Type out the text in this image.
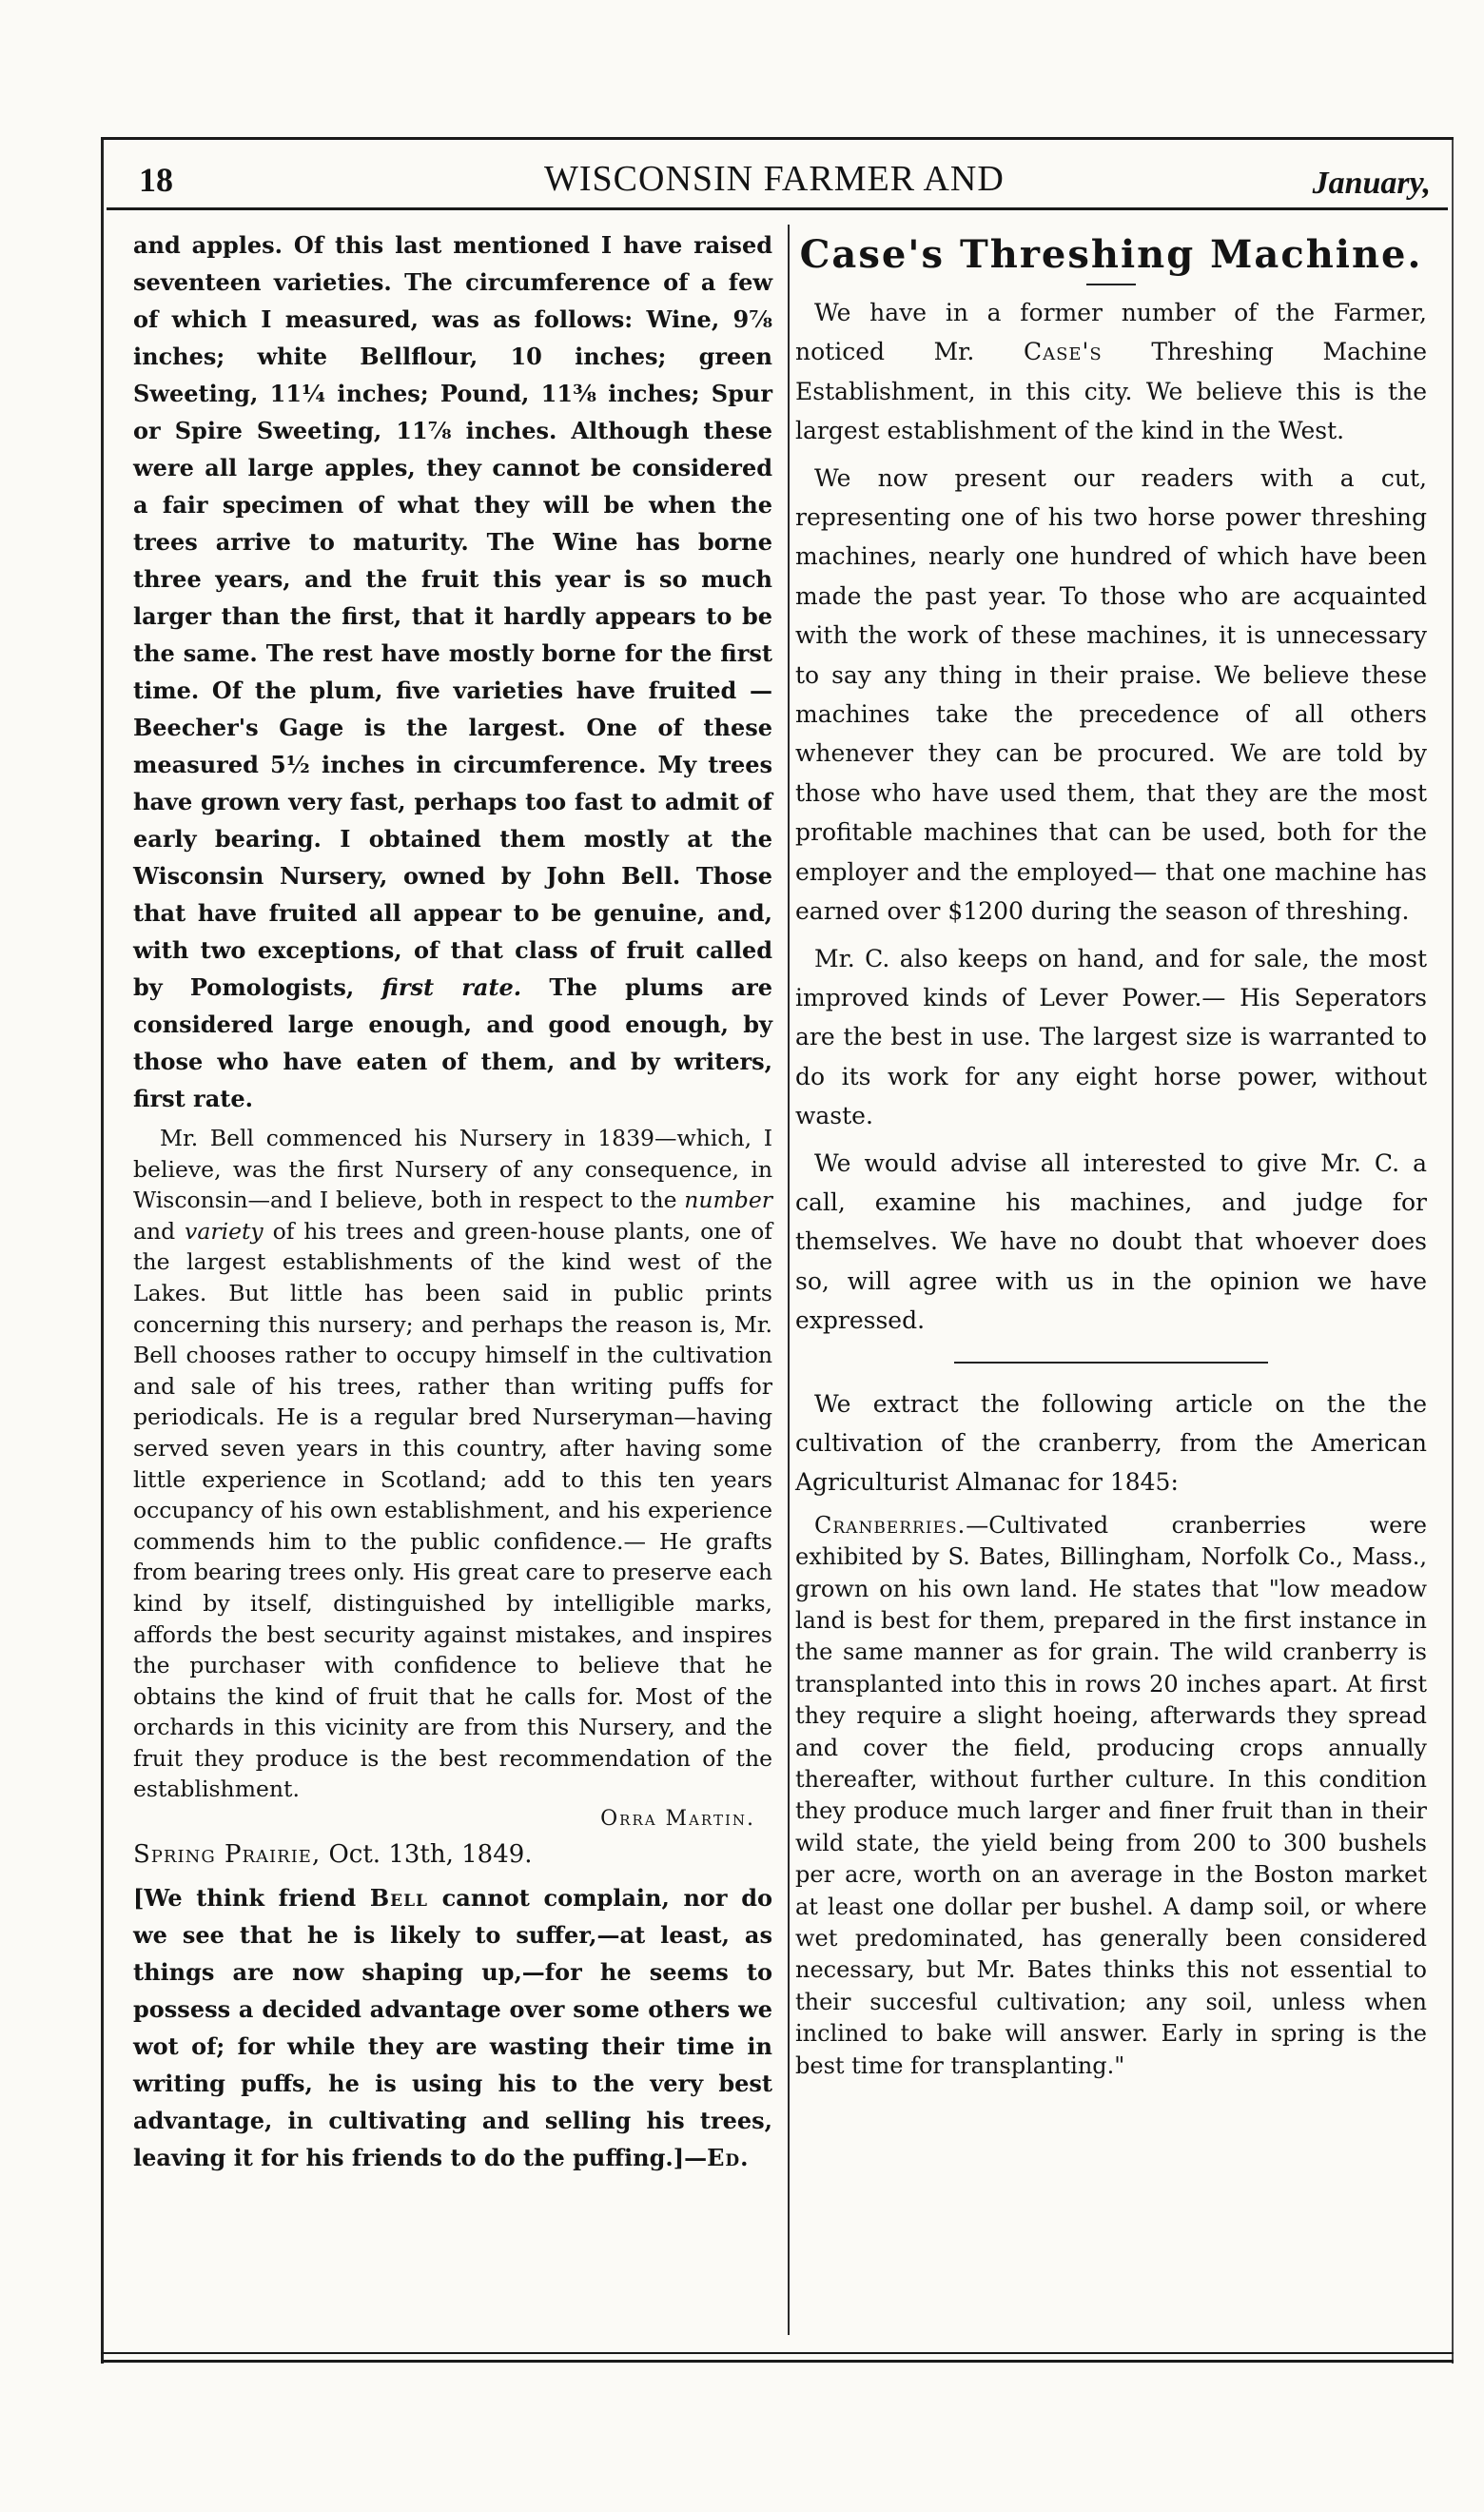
18	WISCONSIN FARMER AND	January,

and apples. Of this last mentioned I have raised seventeen varieties. The circumference of a few of which I measured, was as follows: Wine, 9⅞ inches; white Bellflour, 10 inches; green Sweeting, 11¼ inches; Pound, 11⅜ inches; Spur or Spire Sweeting, 11⅞ inches. Although these were all large apples, they cannot be considered a fair specimen of what they will be when the trees arrive to maturity. The Wine has borne three years, and the fruit this year is so much larger than the first, that it hardly appears to be the same. The rest have mostly borne for the first time. Of the plum, five varieties have fruited —Beecher's Gage is the largest. One of these measured 5½ inches in circumference. My trees have grown very fast, perhaps too fast to admit of early bearing. I obtained them mostly at the Wisconsin Nursery, owned by John Bell. Those that have fruited all appear to be genuine, and, with two exceptions, of that class of fruit called by Pomologists, first rate. The plums are considered large enough, and good enough, by those who have eaten of them, and by writers, first rate.

Mr. Bell commenced his Nursery in 1839—which, I believe, was the first Nursery of any consequence, in Wisconsin—and I believe, both in respect to the number and variety of his trees and green-house plants, one of the largest establishments of the kind west of the Lakes. But little has been said in public prints concerning this nursery; and perhaps the reason is, Mr. Bell chooses rather to occupy himself in the cultivation and sale of his trees, rather than writing puffs for periodicals. He is a regular bred Nurseryman—having served seven years in this country, after having some little experience in Scotland; add to this ten years occupancy of his own establishment, and his experience commends him to the public confidence.— He grafts from bearing trees only. His great care to preserve each kind by itself, distinguished by intelligible marks, affords the best security against mistakes, and inspires the purchaser with confidence to believe that he obtains the kind of fruit that he calls for. Most of the orchards in this vicinity are from this Nursery, and the fruit they produce is the best recommendation of the establishment.

Orra Martin.

Spring Prairie, Oct. 13th, 1849.

[We think friend Bell cannot complain, nor do we see that he is likely to suffer,—at least, as things are now shaping up,—for he seems to possess a decided advantage over some others we wot of; for while they are wasting their time in writing puffs, he is using his to the very best advantage, in cultivating and selling his trees, leaving it for his friends to do the puffing.]—Ed.

Case's Threshing Machine.

We have in a former number of the Farmer, noticed Mr. Case's Threshing Machine Establishment, in this city. We believe this is the largest establishment of the kind in the West.

We now present our readers with a cut, representing one of his two horse power threshing machines, nearly one hundred of which have been made the past year. To those who are acquainted with the work of these machines, it is unnecessary to say any thing in their praise. We believe these machines take the precedence of all others whenever they can be procured. We are told by those who have used them, that they are the most profitable machines that can be used, both for the employer and the employed— that one machine has earned over $1200 during the season of threshing.

Mr. C. also keeps on hand, and for sale, the most improved kinds of Lever Power.— His Seperators are the best in use. The largest size is warranted to do its work for any eight horse power, without waste.

We would advise all interested to give Mr. C. a call, examine his machines, and judge for themselves. We have no doubt that whoever does so, will agree with us in the opinion we have expressed.

We extract the following article on the the cultivation of the cranberry, from the American Agriculturist Almanac for 1845:

Cranberries.—Cultivated cranberries were exhibited by S. Bates, Billingham, Norfolk Co., Mass., grown on his own land. He states that "low meadow land is best for them, prepared in the first instance in the same manner as for grain. The wild cranberry is transplanted into this in rows 20 inches apart. At first they require a slight hoeing, afterwards they spread and cover the field, producing crops annually thereafter, without further culture. In this condition they produce much larger and finer fruit than in their wild state, the yield being from 200 to 300 bushels per acre, worth on an average in the Boston market at least one dollar per bushel. A damp soil, or where wet predominated, has generally been considered necessary, but Mr. Bates thinks this not essential to their succesful cultivation; any soil, unless when inclined to bake will answer. Early in spring is the best time for transplanting."
